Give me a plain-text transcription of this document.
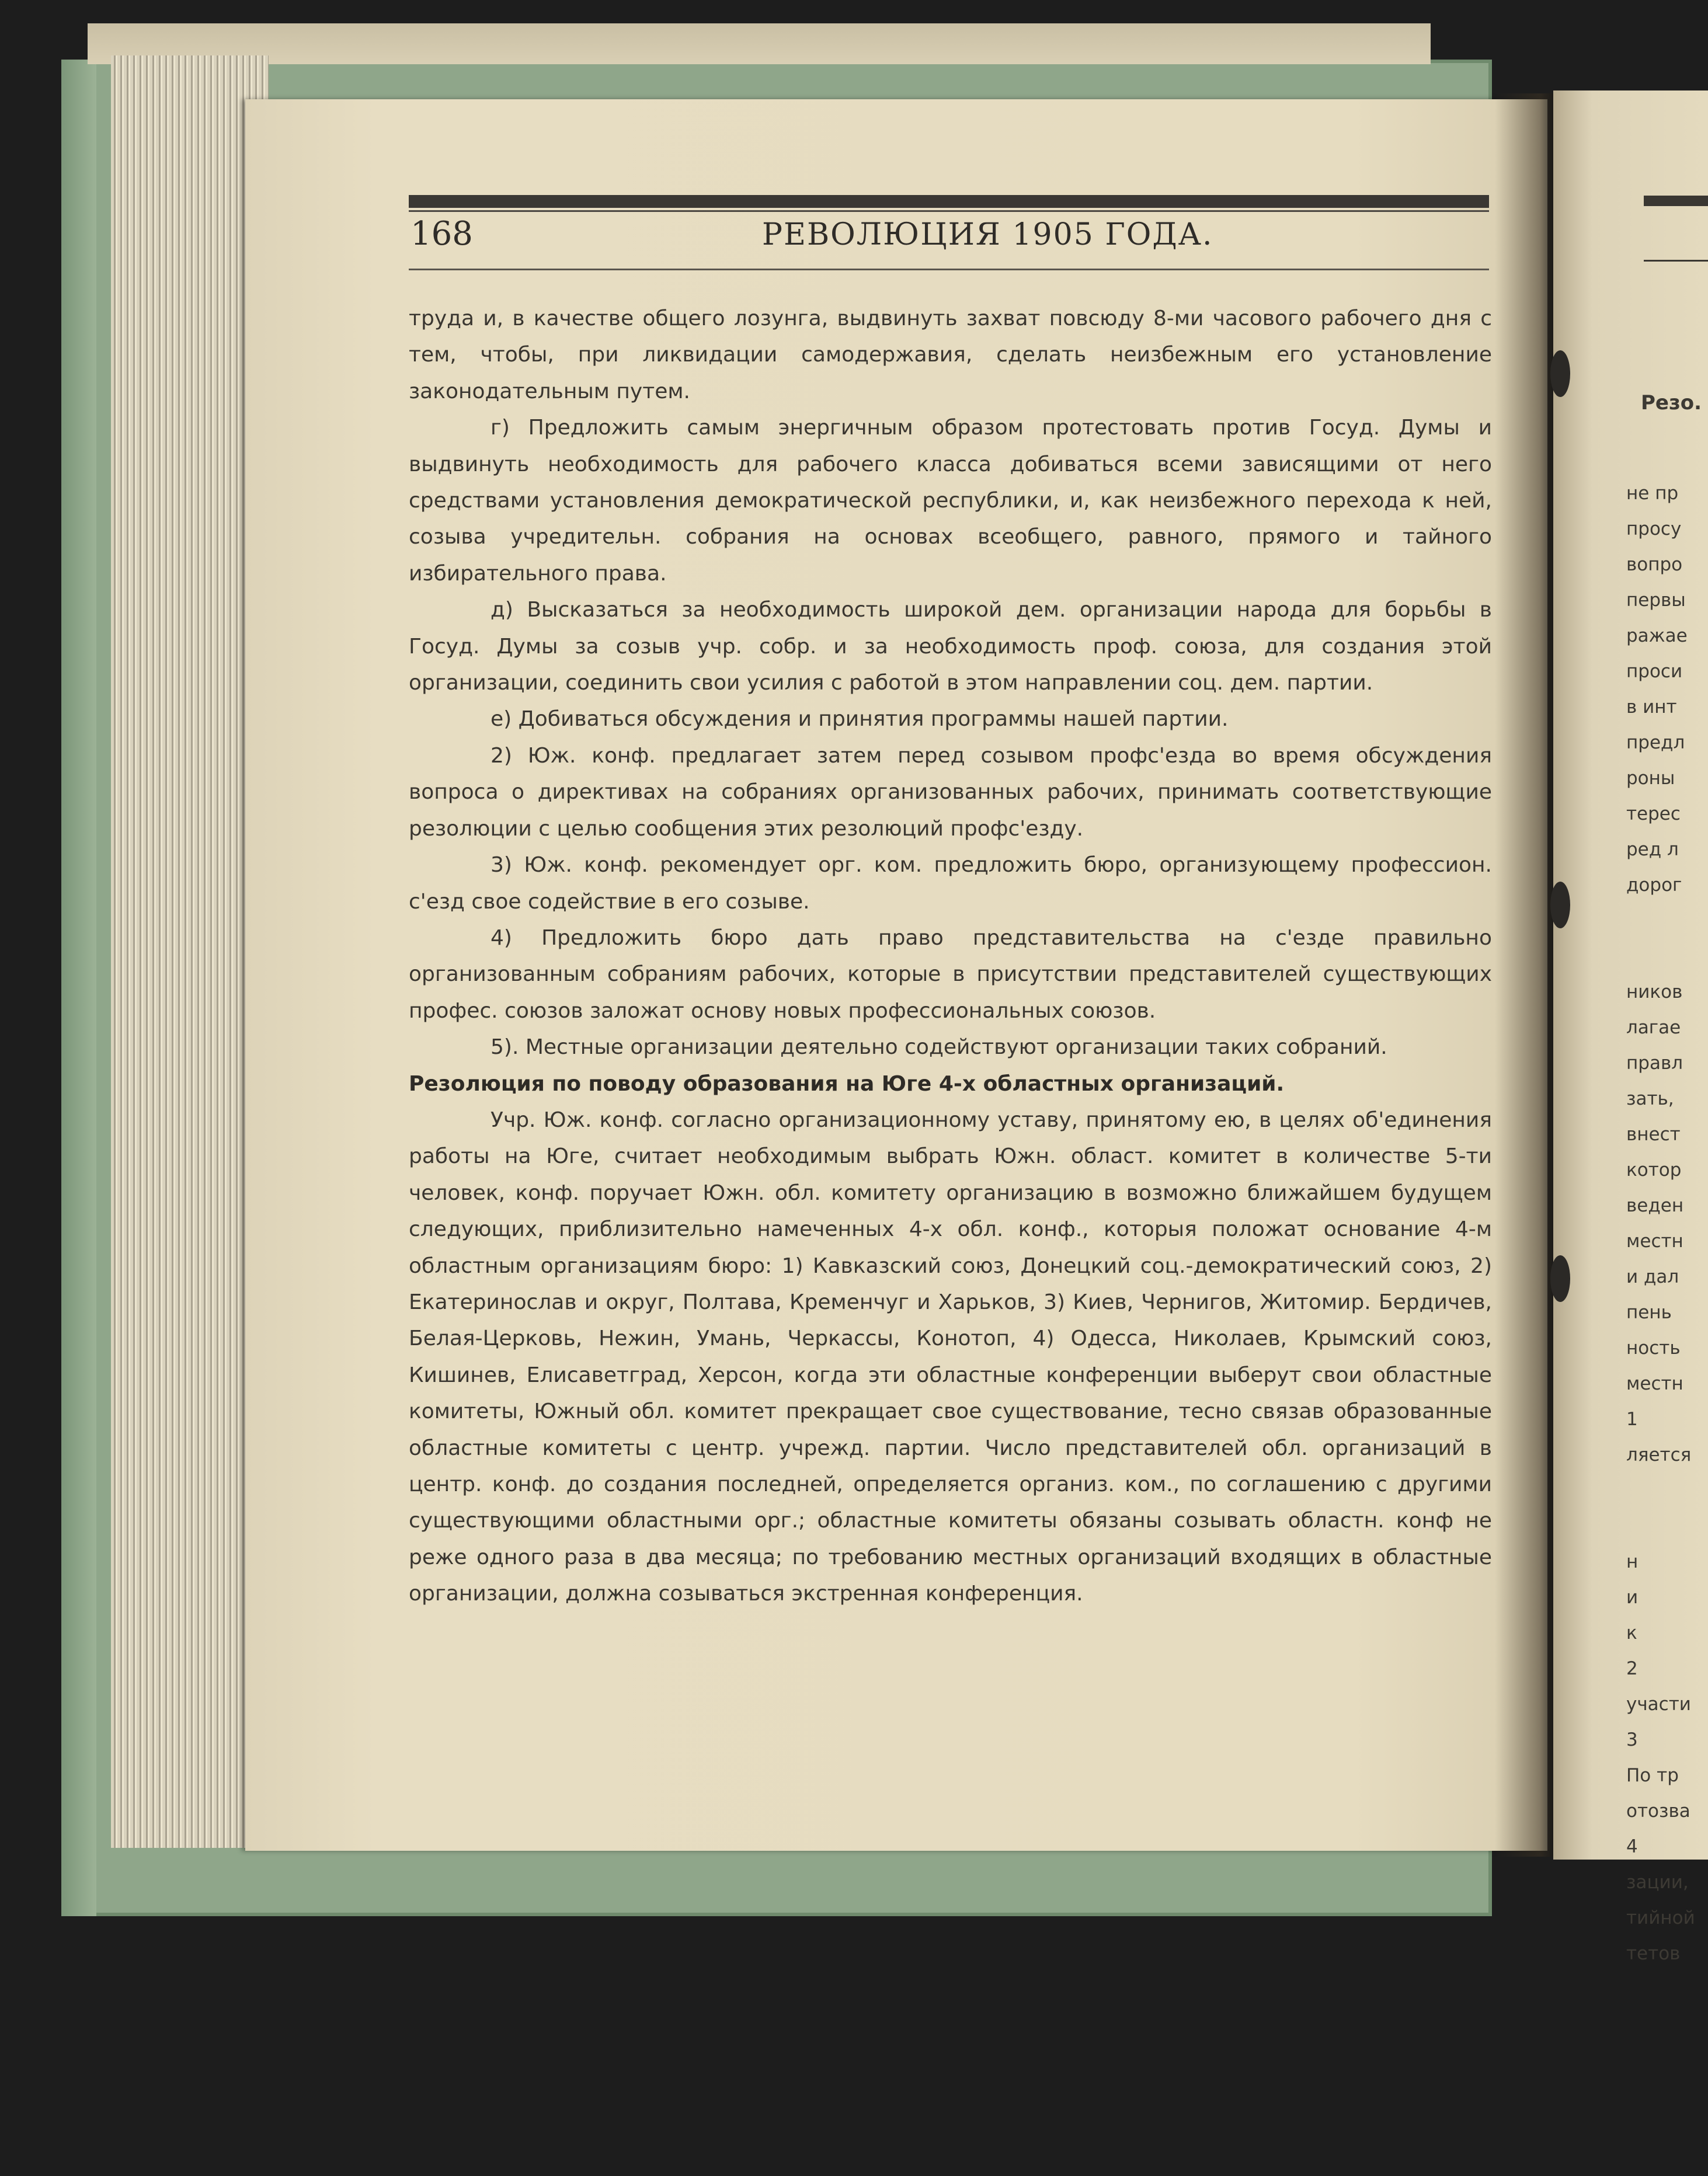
Резо.
не пр
просу
вопро
первы
ражае
проси
в инт
предл
роны
терес
ред л
дорог
ников
лагае
правл
зать,
внест
котор
веден
местн
и дал
пень
ность
местн
1
ляется
н
и
к
2
участи
3
По тр
отозва
4
зации,
тийной
тетов
168	РЕВОЛЮЦИЯ 1905 ГОДА.

труда и, в качестве общего лозунга, выдвинуть захват повсюду 8-ми часового рабочего дня с тем, чтобы, при ликвидации самодержавия, сделать неизбежным его установление законодательным путем.

г) Предложить самым энергичным образом протестовать против Госуд. Думы и выдвинуть необходимость для рабочего класса добиваться всеми зависящими от него средствами установления демократической республики, и, как неизбежного перехода к ней, созыва учредительн. собрания на основах всеобщего, равного, прямого и тайного избирательного права.

д) Высказаться за необходимость широкой дем. организации народа для борьбы в Госуд. Думы за созыв учр. собр. и за необходимость проф. союза, для создания этой организации, соединить свои усилия с работой в этом направлении соц. дем. партии.

е) Добиваться обсуждения и принятия программы нашей партии.

2) Юж. конф. предлагает затем перед созывом профс'езда во время обсуждения вопроса о директивах на собраниях организованных рабочих, принимать соответствующие резолюции с целью сообщения этих резолюций профс'езду.

3) Юж. конф. рекомендует орг. ком. предложить бюро, организующему профессион. с'езд свое содействие в его созыве.

4) Предложить бюро дать право представительства на с'езде правильно организованным собраниям рабочих, которые в присутствии представителей существующих профес. союзов заложат основу новых профессиональных союзов.

5). Местные организации деятельно содействуют организации таких собраний.

Резолюция по поводу образования на Юге 4-х областных организаций.

Учр. Юж. конф. согласно организационному уставу, принятому ею, в целях об'единения работы на Юге, считает необходимым выбрать Южн. област. комитет в количестве 5-ти человек, конф. поручает Южн. обл. комитету организацию в возможно ближайшем будущем следующих, приблизительно намеченных 4-х обл. конф., которыя положат основание 4-м областным организациям бюро: 1) Кавказский союз, Донецкий соц.-демократический союз, 2) Екатеринослав и округ, Полтава, Кременчуг и Харьков, 3) Киев, Чернигов, Житомир. Бердичев, Белая-Церковь, Нежин, Умань, Черкассы, Конотоп, 4) Одесса, Николаев, Крымский союз, Кишинев, Елисаветград, Херсон, когда эти областные конференции выберут свои областные комитеты, Южный обл. комитет прекращает свое существование, тесно связав образованные областные комитеты с центр. учрежд. партии. Число представителей обл. организаций в центр. конф. до создания последней, определяется организ. ком., по соглашению с другими существующими областными орг.; областные комитеты обязаны созывать областн. конф не реже одного раза в два месяца; по требованию местных организаций входящих в областные организации, должна созываться экстренная конференция.
